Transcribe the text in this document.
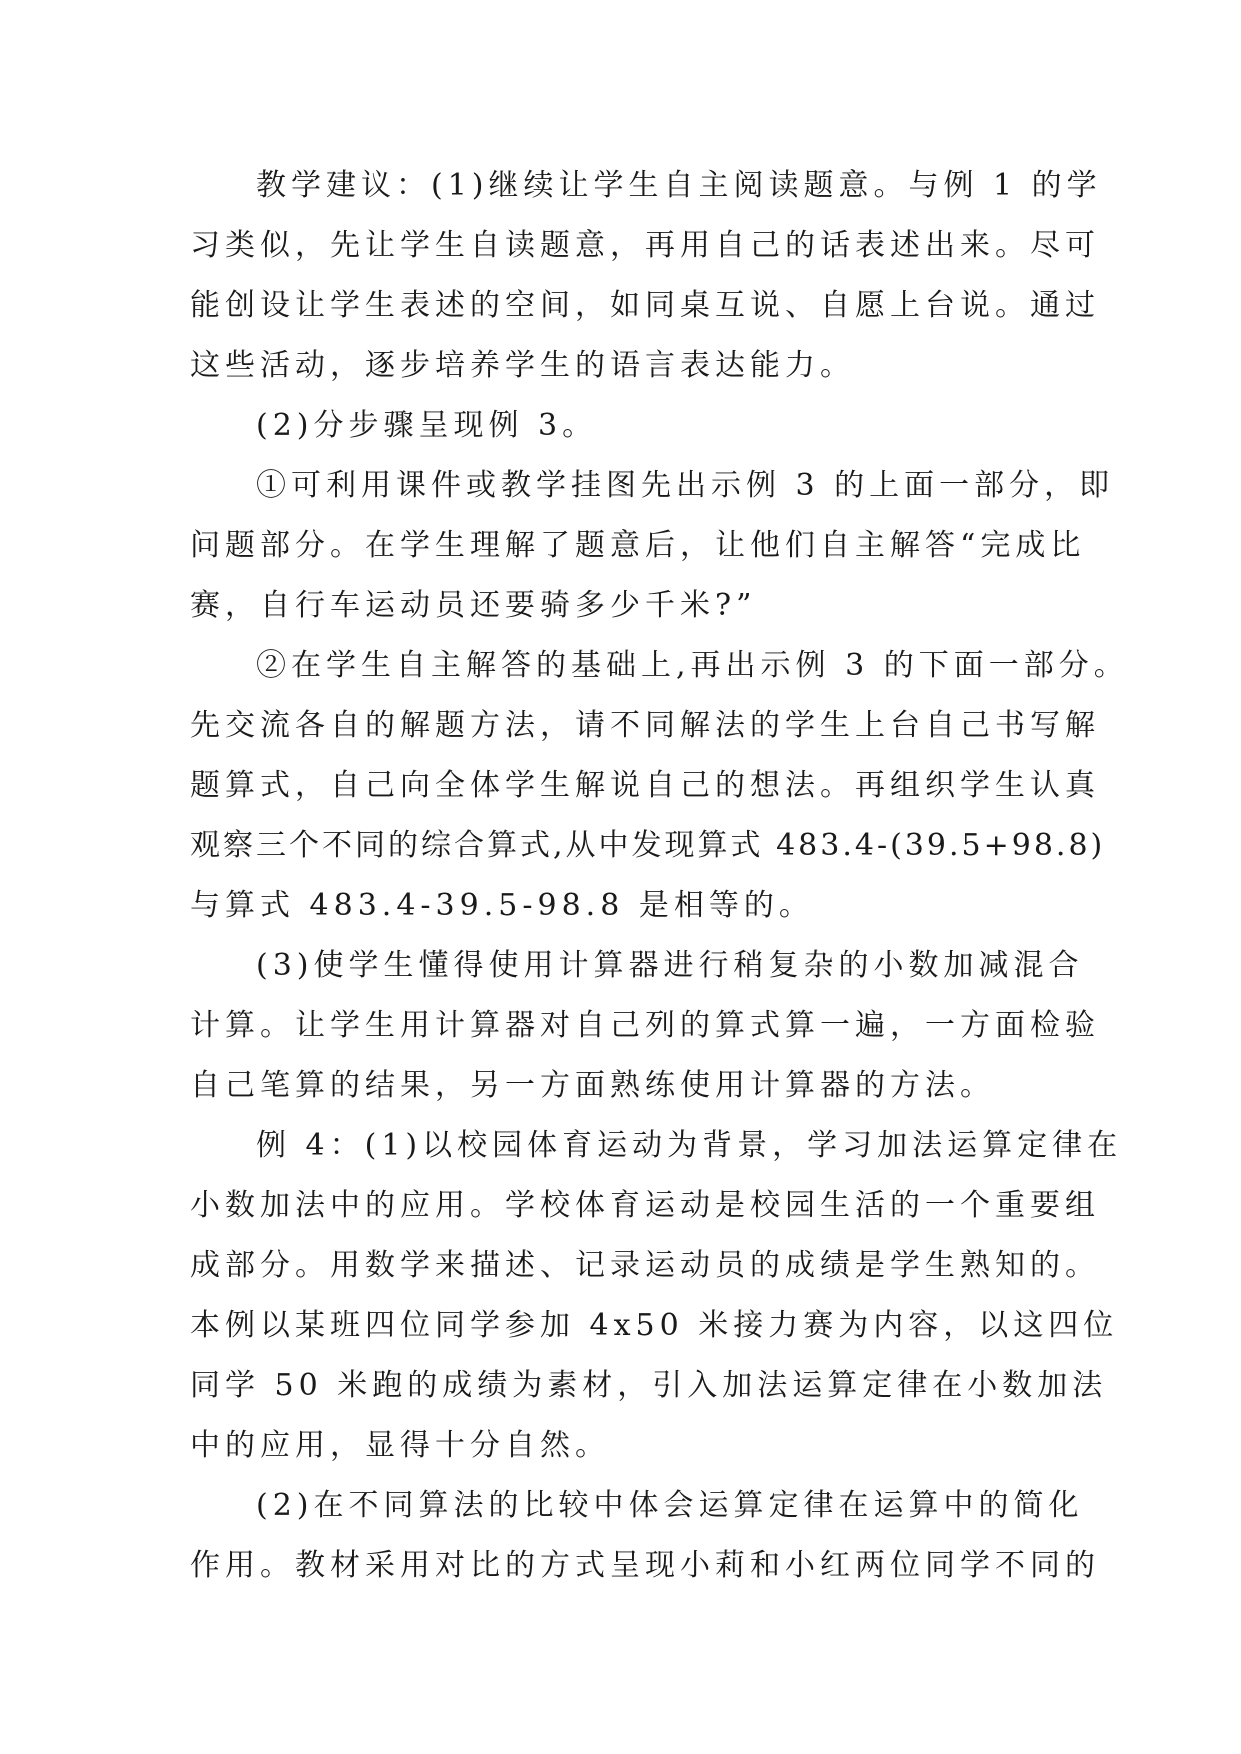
教学建议：(1)继续让学生自主阅读题意。与例 1 的学
习类似，先让学生自读题意，再用自己的话表述出来。尽可
能创设让学生表述的空间，如同桌互说、自愿上台说。通过
这些活动，逐步培养学生的语言表达能力。
(2)分步骤呈现例 3。
①可利用课件或教学挂图先出示例 3 的上面一部分，即
问题部分。在学生理解了题意后，让他们自主解答“完成比
赛，自行车运动员还要骑多少千米?”
②在学生自主解答的基础上,再出示例 3 的下面一部分。
先交流各自的解题方法，请不同解法的学生上台自己书写解
题算式，自己向全体学生解说自己的想法。再组织学生认真
观察三个不同的综合算式,从中发现算式 483.4-(39.5+98.8)
与算式 483.4-39.5-98.8 是相等的。
(3)使学生懂得使用计算器进行稍复杂的小数加减混合
计算。让学生用计算器对自己列的算式算一遍，一方面检验
自己笔算的结果，另一方面熟练使用计算器的方法。
例 4：(1)以校园体育运动为背景，学习加法运算定律在
小数加法中的应用。学校体育运动是校园生活的一个重要组
成部分。用数学来描述、记录运动员的成绩是学生熟知的。
本例以某班四位同学参加 4x50 米接力赛为内容，以这四位
同学 50 米跑的成绩为素材，引入加法运算定律在小数加法
中的应用，显得十分自然。
(2)在不同算法的比较中体会运算定律在运算中的简化
作用。教材采用对比的方式呈现小莉和小红两位同学不同的
